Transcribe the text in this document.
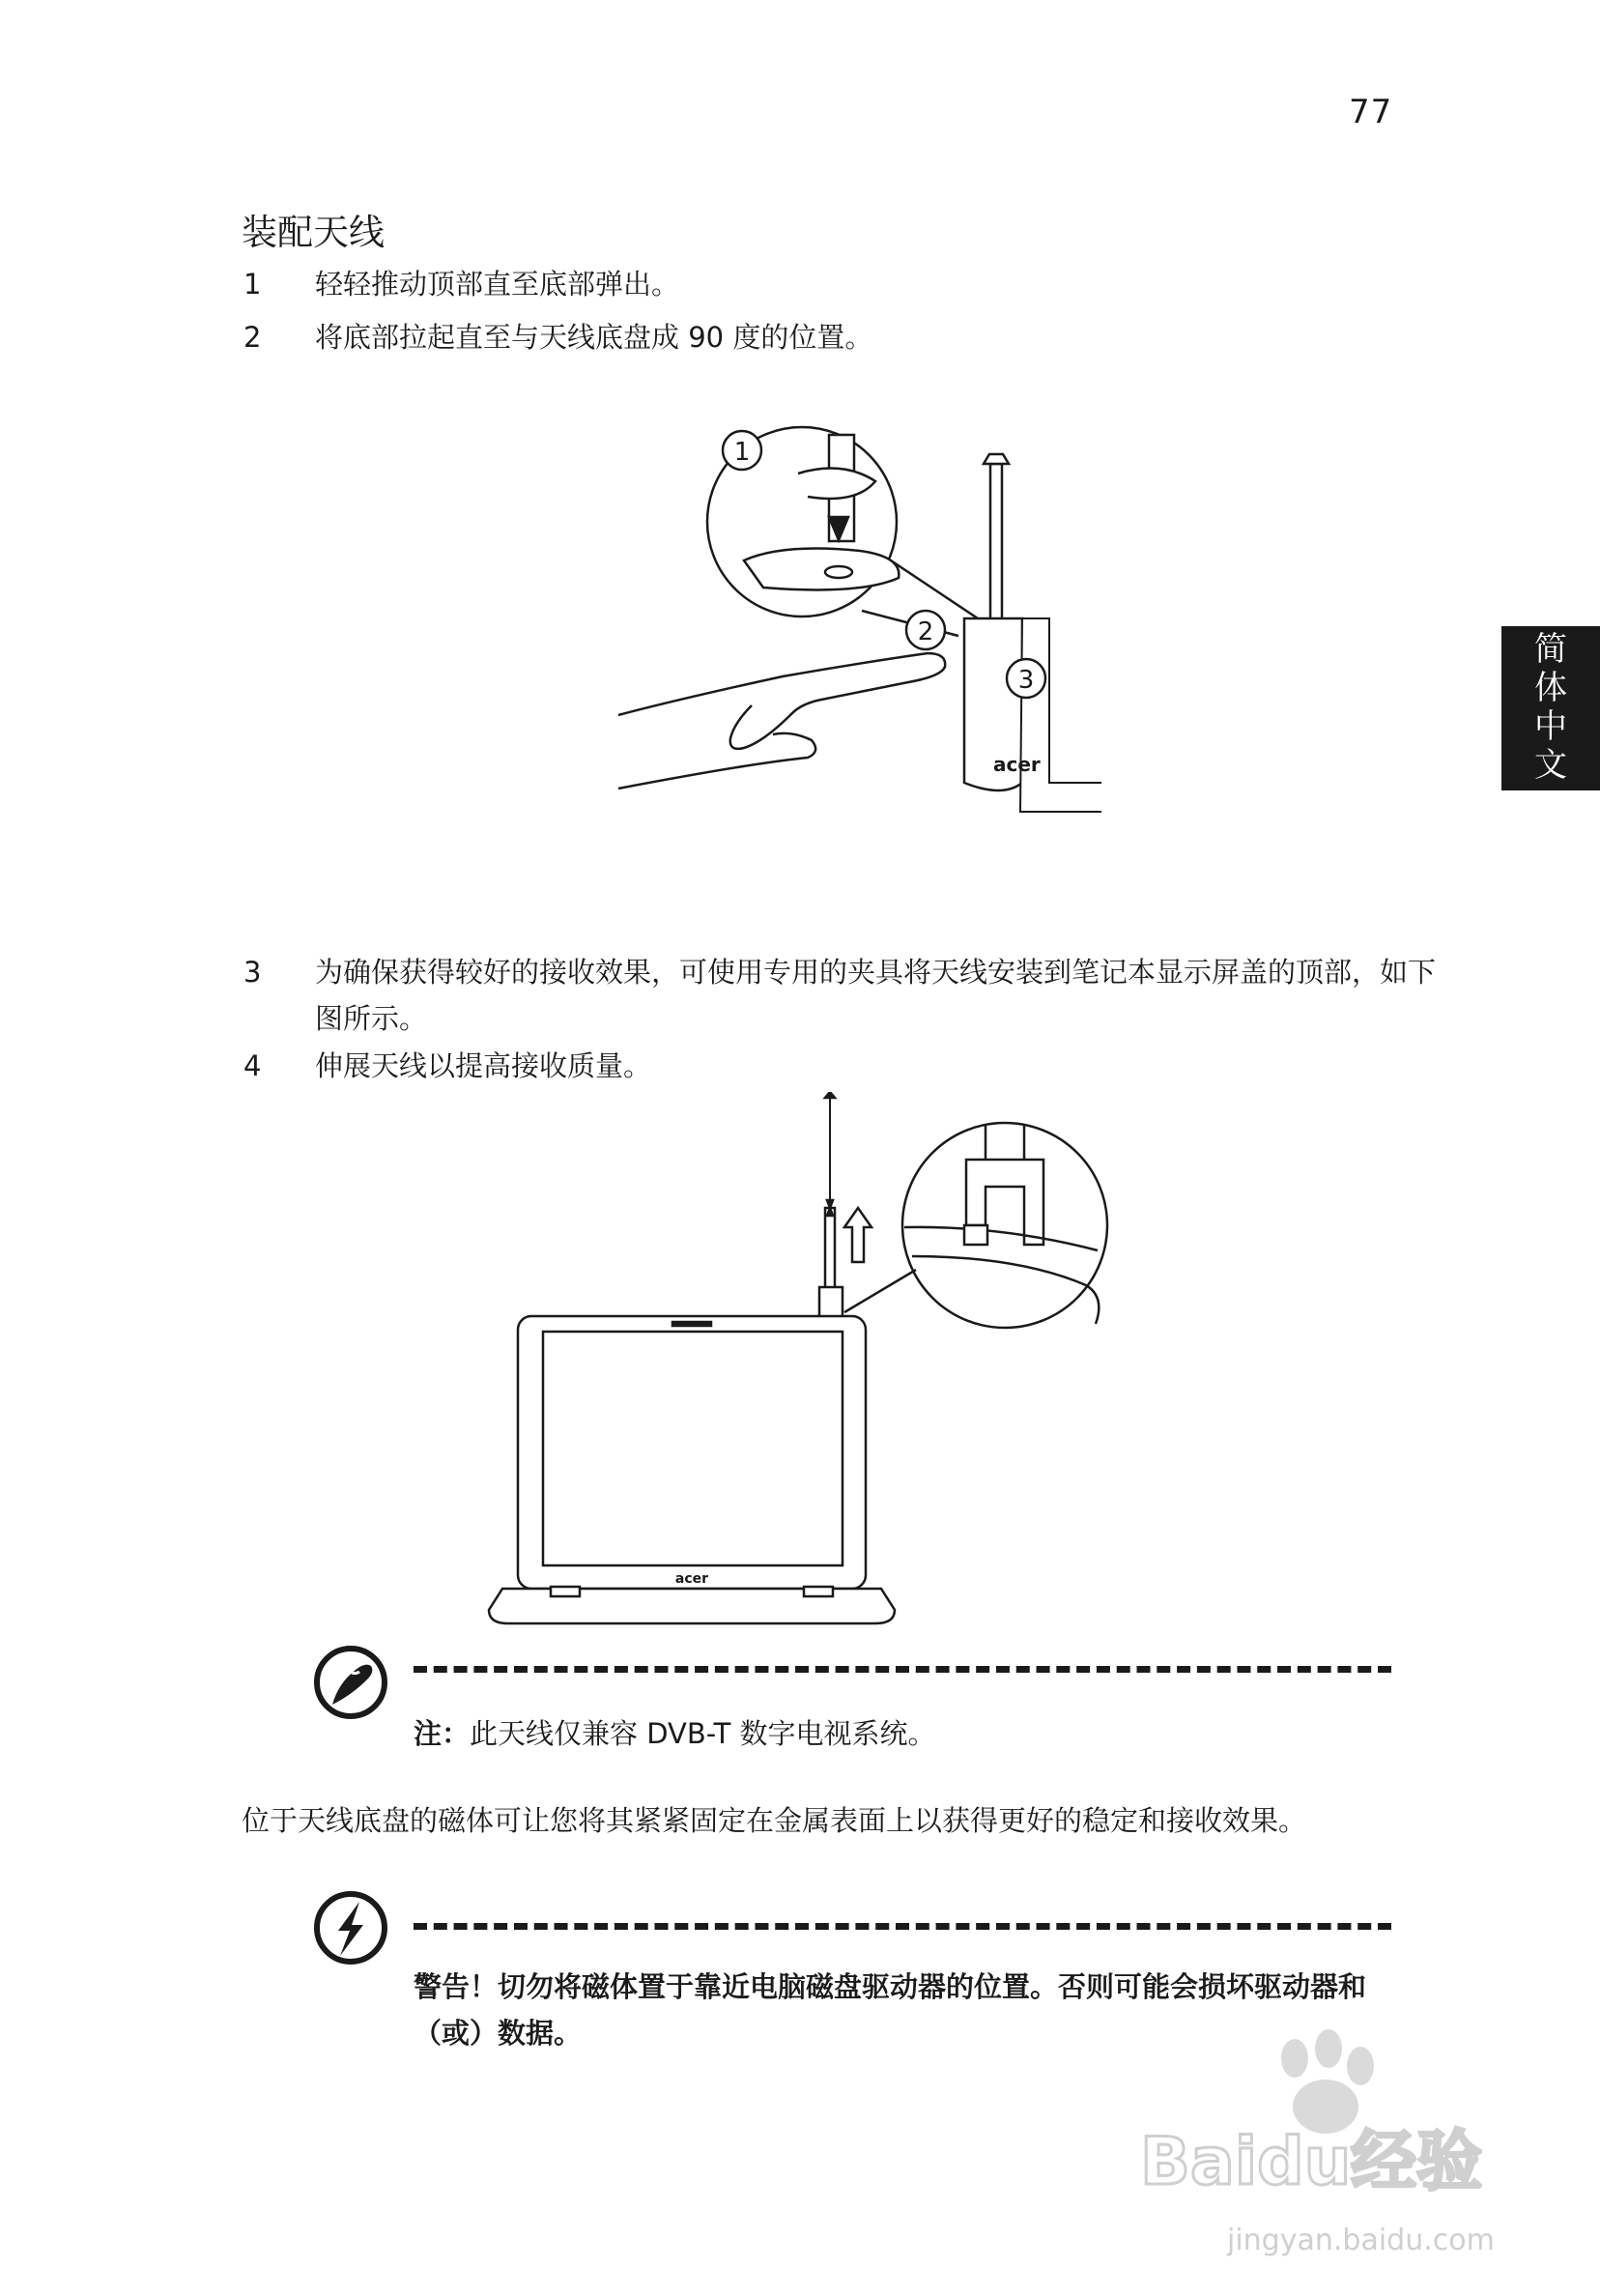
77
装配天线
1	轻轻推动顶部直至底部弹出。
2	将底部拉起直至与天线底盘成 90 度的位置。
1
acer
2
3
3	为确保获得较好的接收效果，可使用专用的夹具将天线安装到笔记本显示屏盖的顶部，如下图所示。
4	伸展天线以提高接收质量。
acer
注：此天线仅兼容 DVB-T 数字电视系统。
位于天线底盘的磁体可让您将其紧紧固定在金属表面上以获得更好的稳定和接收效果。
警告！切勿将磁体置于靠近电脑磁盘驱动器的位置。否则可能会损坏驱动器和（或）数据。
简
体
中
文
Baidu经验
jingyan.baidu.com
